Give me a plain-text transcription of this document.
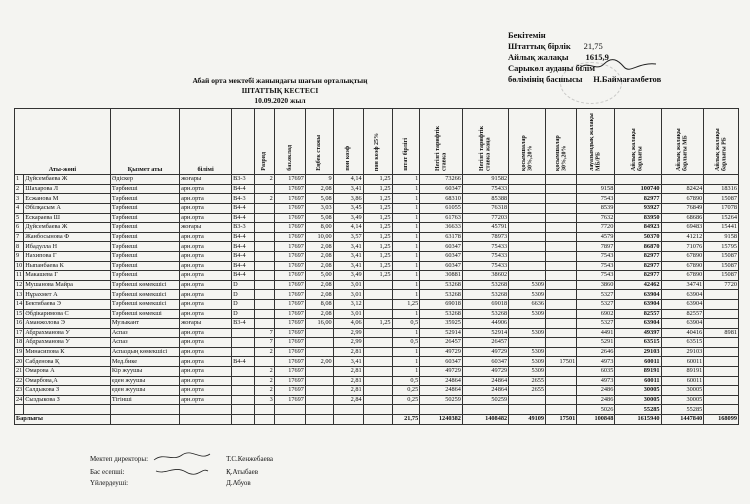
Бекітемін
Штаттық бірлік 21,75
Айлық жалақы 1615,9
Сарыкөл ауданы білім
бөлімінің басшысы Н.Баймағамбетов
Абай орта мектебі жанындағы шағын орталықтың
ШТАТТЫҚ КЕСТЕСІ
10.09.2020 жыл
Аты-жөні		Қызмет аты	білімі		Разряд	баз.оклад	Еңбек стажы	пон коэф	пон коэф 25%	штат бірлігі	Негізгі тарифтік ставка	Негізгі тарифтік ставка жаңа	қосымшалар 30%,20%	қосымшалар 30%,20%	лауазымдық жалақы МБ/РБ	Айлық жалақы барлығы	Айлық жалақы барлығы МБ	Айлық жалақы барлығы РБ
1	Дүйсембаева Ж	Әдіскер	жоғары	В3-3	2	17697	9	4,14	1,25	1	73266	91582						
2	Шахарова Л	Тәрбиеші	арн.орта	В4-4		17697	2,08	3,41	1,25	1	60347	75433			9158	100740	82424	18316
3	Есжанова М	Тәрбиеші	арн.орта	В4-3	2	17697	5,08	3,86	1,25	1	68310	85388			7543	82977	67890	15087
4	Әбілқасым А	Тәрбиеші	арн.орта	В4-4		17697	3,03	3,45	1,25	1	61055	76318			8539	93927	76849	17078
5	Ескараева Ш	Тәрбиеші	арн.орта	В4-4		17697	5,08	3,49	1,25	1	61763	77203			7632	83950	68686	15264
6	Дүйсембаева Ж	Тәрбиеші	жоғары	В3-3		17697	8,00	4,14	1,25	1	36633	45791			7720	84923	69483	15441
7	Жанбосынова Ф	Тәрбиеші	арн.орта	В4-4		17697	10,00	3,57	1,25	1	63178	78973			4579	50370	41212	9158
8	Ибадулла Н	Тәрбиеші	арн.орта	В4-4		17697	2,08	3,41	1,25	1	60347	75433			7897	86870	71076	15795
9	Нахипова Г	Тәрбиеші	арн.орта	В4-4		17697	2,08	3,41	1,25	1	60347	75433			7543	82977	67890	15087
10	Ныпанбаева К	Тәрбиеші	арн.орта	В4-4		17697	2,08	3,41	1,25	1	60347	75433			7543	82977	67890	15087
11	Макашева Г	Тәрбиеші	арн.орта	В4-4		17697	5,00	3,49	1,25	1	30881	38602			7543	82977	67890	15087
12	Мушанова Майра	Тәрбиеші көмекшісі	арн.орта	D		17697	2,08	3,01		1	53268	53268	5309		3860	42462	34741	7720
13	Нұрахмет А	Тәрбиеші көмекшісі	арн.орта	D		17697	2,08	3,01		1	53268	53268	5309		5327	63904	63904	
14	Бектибаева Э	Тәрбиеші көмекшісі	арн.орта	D		17697	8,08	3,12		1,25	69018	69018	6636		5327	63904	63904	
15	Әбдікаримова С	Тәрбиеші көмекші	арн.орта	D		17697	2,08	3,01		1	53268	53268	5309		6902	82557	82557	
16	Аманжолова Э	Музыкант	жоғары	В3-4		17697	16,00	4,06	1,25	0,5	35925	44906			5327	63904	63904	
17	Абдрахманова У	Аспаз	арн.орта		7	17697		2,99		1	52914	52914	5309		4491	49397	40416	8981
18	Абдрахманова У	Аспаз	арн.орта		7	17697		2,99		0,5	26457	26457			5291	63515	63515	
19	Минасипова К	Аспаздың көмекшісі	арн.орта		2	17697		2,81		1	49729	49729	5309		2646	29103	29103	
20	Сабденова Қ	Мед.бике	арн.орта	В4-4		17697	2,00	3,41		1	60347	60347	5309	17501	4973	60011	60011	
21	Омарова А	Кір жуушы	арн.орта		2	17697		2,81		1	49729	49729	5309		6035	89191	89191	
22	Омарбова,А	еден жуушы	арн.орта		2	17697		2,81		0,5	24864	24864	2655		4973	60011	60011	
23	Салдыкова З	еден жуушы	арн.орта		2	17697		2,81		0,25	24864	24864	2655		2486	30005	30005	
24	Сыздыкова З	Тігінші	арн.орта		3	17697		2,84		0,25	50259	50259			2486	30005	30005	
															5026	55285	55285	
Барлығы										21,75	1240382	1408482	49109	17501	100848	1615940	1447840	168099
Мектеп директоры:		Т.С.Кенжебаева
Бас есепші:		Қ.Атыбаев
Үйлердеуші:		Д.Абуов
